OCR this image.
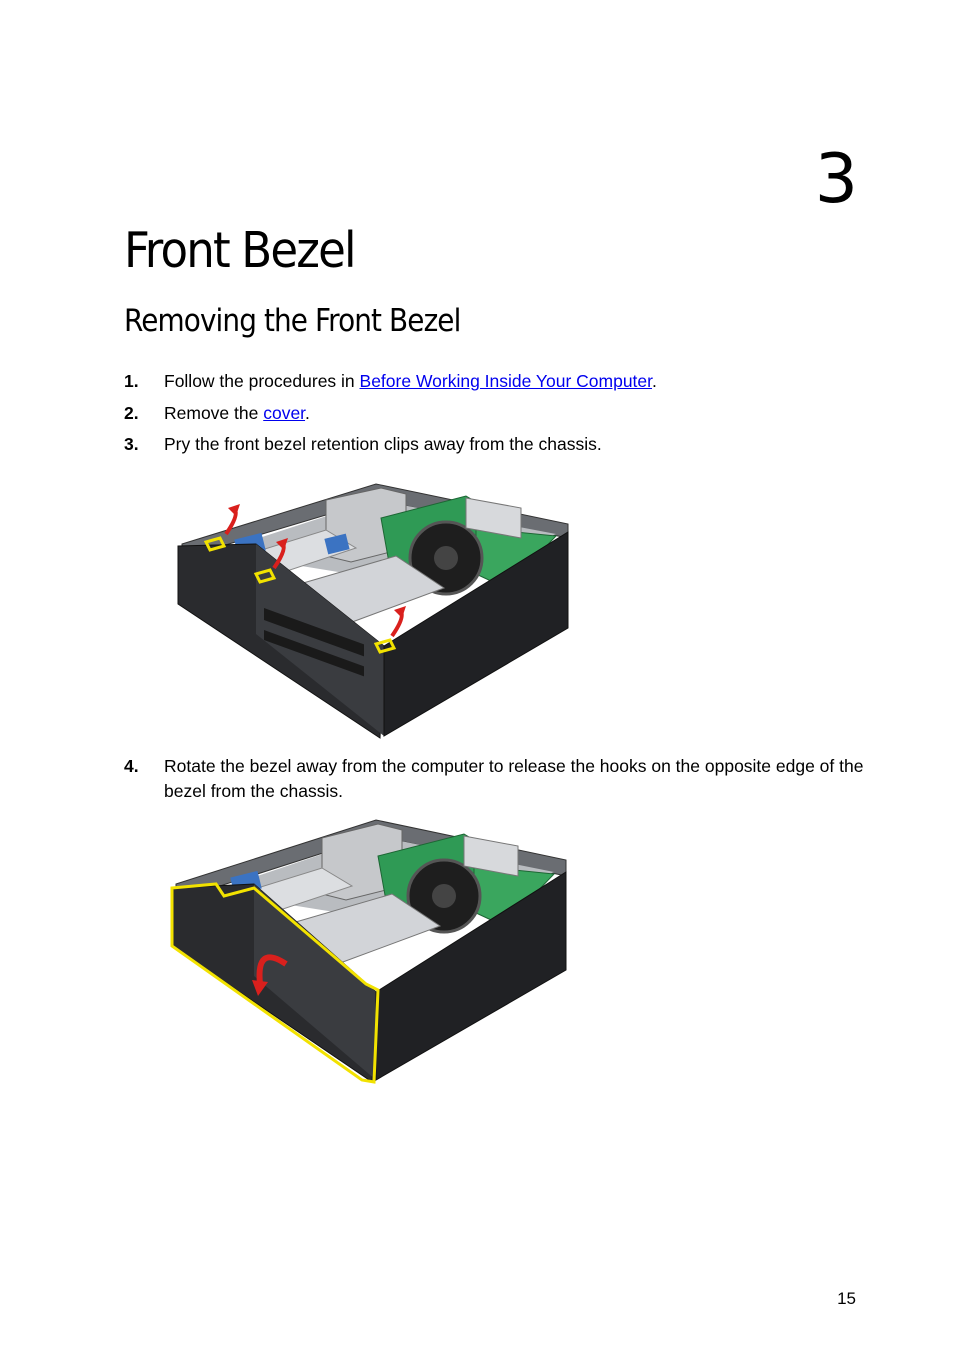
3
Front Bezel
Removing the Front Bezel
1. Follow the procedures in Before Working Inside Your Computer.
2. Remove the cover.
3. Pry the front bezel retention clips away from the chassis.
4. Rotate the bezel away from the computer to release the hooks on the opposite edge of the bezel from the chassis.
15
